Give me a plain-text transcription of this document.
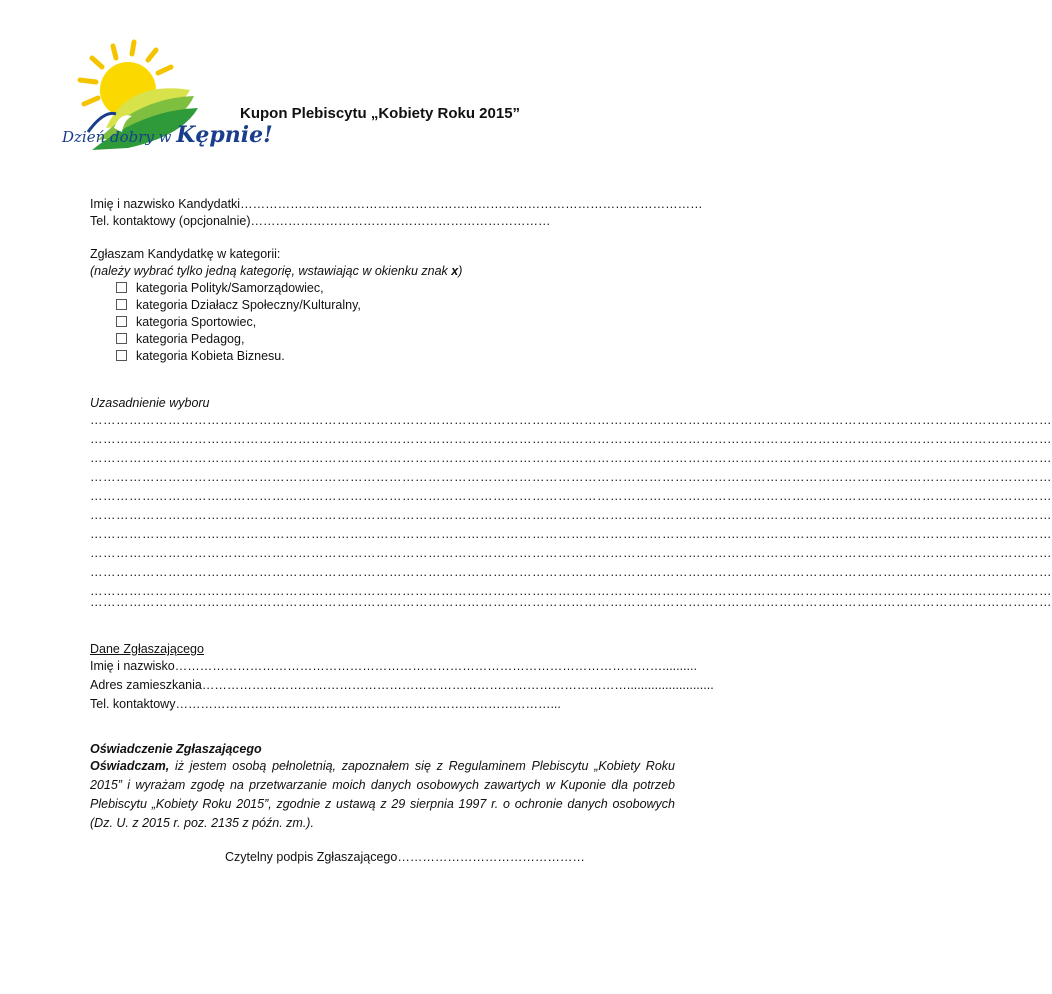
Dzień dobry w Kępnie!
Kupon Plebiscytu „Kobiety Roku 2015”
Imię i nazwisko Kandydatki…………………………………………………………………………………………………
Tel. kontaktowy (opcjonalnie)………………………………………………………………
Zgłaszam Kandydatkę w kategorii:
(należy wybrać tylko jedną kategorię, wstawiając w okienku znak x)
kategoria Polityk/Samorządowiec,
kategoria Działacz Społeczny/Kulturalny,
kategoria Sportowiec,
kategoria Pedagog,
kategoria Kobieta Biznesu.
Uzasadnienie wyboru
……………………………………………………………………………………………………………………………………………………………………………………………………
……………………………………………………………………………………………………………………………………………………………………………………………………
……………………………………………………………………………………………………………………………………………………………………………………………………
……………………………………………………………………………………………………………………………………………………………………………………………………
……………………………………………………………………………………………………………………………………………………………………………………………………
……………………………………………………………………………………………………………………………………………………………………………………………………
……………………………………………………………………………………………………………………………………………………………………………………………………
……………………………………………………………………………………………………………………………………………………………………………………………………
……………………………………………………………………………………………………………………………………………………………………………………………………
……………………………………………………………………………………………………………………………………………………………………………………………………
……………………………………………………………………………………………………………………………………………………………………………………………………
Dane Zgłaszającego
Imię i nazwisko………………………………………………………………………………………………………..........
Adres zamieszkania………………………………………………………………………………………….........................
Tel. kontaktowy………………………………………………………………………………...
Oświadczenie Zgłaszającego
Oświadczam, iż jestem osobą pełnoletnią, zapoznałem się z Regulaminem Plebiscytu „Kobiety Roku 2015” i wyrażam zgodę na przetwarzanie moich danych osobowych zawartych w Kuponie dla potrzeb Plebiscytu „Kobiety Roku 2015”, zgodnie z ustawą z 29 sierpnia 1997 r. o ochronie danych osobowych (Dz. U. z 2015 r. poz. 2135 z późn. zm.).
Czytelny podpis Zgłaszającego………………………………………
